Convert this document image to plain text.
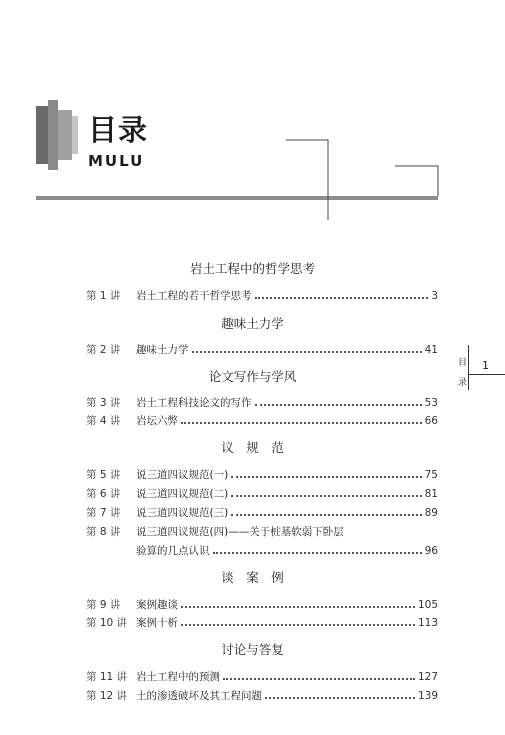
目录
MULU
岩土工程中的哲学思考
第 1 讲	岩土工程的若干哲学思考	3
趣味土力学
第 2 讲	趣味土力学	41
论文写作与学风
第 3 讲	岩土工程科技论文的写作	53
第 4 讲	岩坛六弊	66
议　规　范
第 5 讲	说三道四议规范(一)	75
第 6 讲	说三道四议规范(二)	81
第 7 讲	说三道四议规范(三)	89
第 8 讲	说三道四议规范(四)——关于桩基软弱下卧层
验算的几点认识	96
谈　案　例
第 9 讲	案例趣谈	105
第 10 讲 案例十析	113
讨论与答复
第 11 讲 岩土工程中的预测	127
第 12 讲 土的渗透破坏及其工程问题	139
1
目
录
